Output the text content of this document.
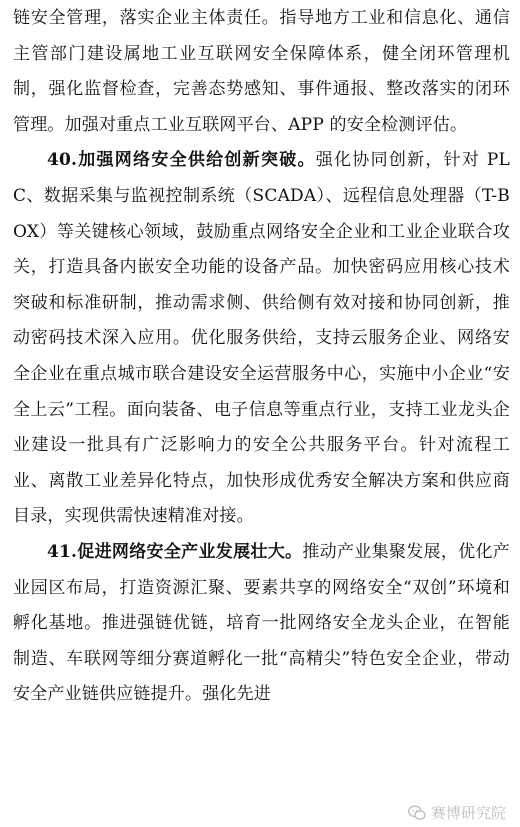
链安全管理，落实企业主体责任。指导地方工业和信息化、通信主管部门建设属地工业互联网安全保障体系，健全闭环管理机制，强化监督检查，完善态势感知、事件通报、整改落实的闭环管理。加强对重点工业互联网平台、APP 的安全检测评估。

40.加强网络安全供给创新突破。强化协同创新，针对 PLC、数据采集与监视控制系统（SCADA）、远程信息处理器（T-BOX）等关键核心领域，鼓励重点网络安全企业和工业企业联合攻关，打造具备内嵌安全功能的设备产品。加快密码应用核心技术突破和标准研制，推动需求侧、供给侧有效对接和协同创新，推动密码技术深入应用。优化服务供给，支持云服务企业、网络安全企业在重点城市联合建设安全运营服务中心，实施中小企业“安全上云”工程。面向装备、电子信息等重点行业，支持工业龙头企业建设一批具有广泛影响力的安全公共服务平台。针对流程工业、离散工业差异化特点，加快形成优秀安全解决方案和供应商目录，实现供需快速精准对接。

41.促进网络安全产业发展壮大。推动产业集聚发展，优化产业园区布局，打造资源汇聚、要素共享的网络安全“双创”环境和孵化基地。推进强链优链，培育一批网络安全龙头企业，在智能制造、车联网等细分赛道孵化一批“高精尖”特色安全企业，带动安全产业链供应链提升。强化先进

赛博研究院
